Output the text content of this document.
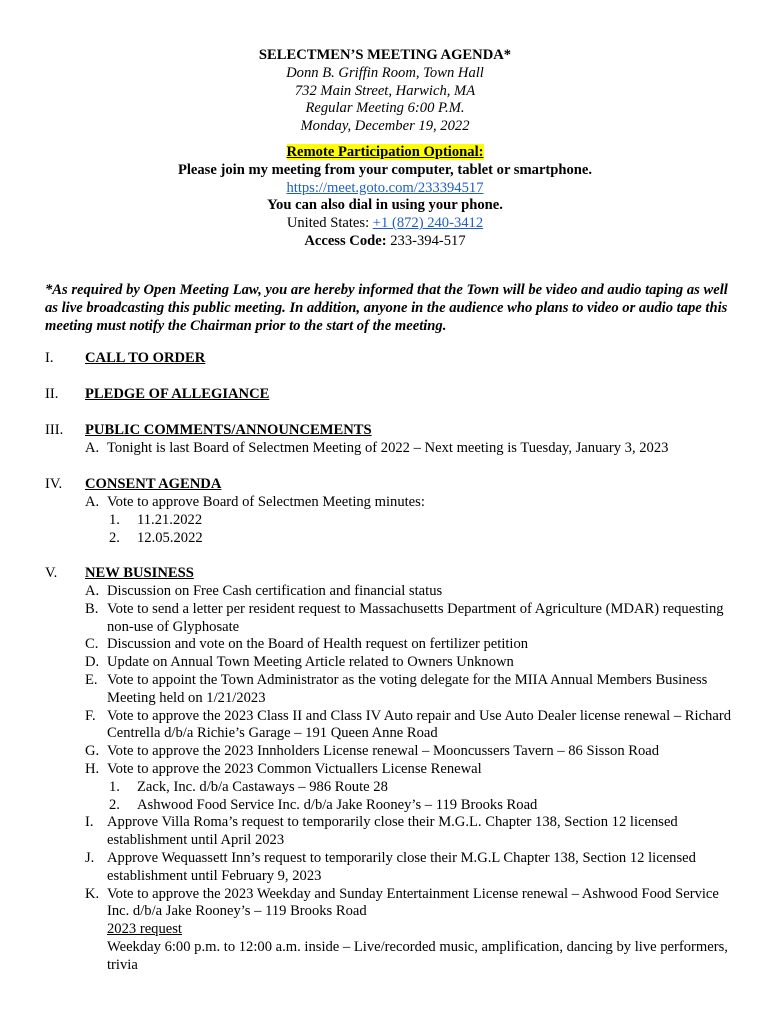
SELECTMEN’S MEETING AGENDA*
Donn B. Griffin Room, Town Hall
732 Main Street, Harwich, MA
Regular Meeting 6:00 P.M.
Monday, December 19, 2022
Remote Participation Optional:
Please join my meeting from your computer, tablet or smartphone.
https://meet.goto.com/233394517
You can also dial in using your phone.
United States: +1 (872) 240-3412
Access Code: 233-394-517
*As required by Open Meeting Law, you are hereby informed that the Town will be video and audio taping as well as live broadcasting this public meeting. In addition, anyone in the audience who plans to video or audio tape this meeting must notify the Chairman prior to the start of the meeting.
I. CALL TO ORDER
II. PLEDGE OF ALLEGIANCE
III. PUBLIC COMMENTS/ANNOUNCEMENTS
A. Tonight is last Board of Selectmen Meeting of 2022 – Next meeting is Tuesday, January 3, 2023
IV. CONSENT AGENDA
A. Vote to approve Board of Selectmen Meeting minutes:
1. 11.21.2022
2. 12.05.2022
V. NEW BUSINESS
A. Discussion on Free Cash certification and financial status
B. Vote to send a letter per resident request to Massachusetts Department of Agriculture (MDAR) requesting non-use of Glyphosate
C. Discussion and vote on the Board of Health request on fertilizer petition
D. Update on Annual Town Meeting Article related to Owners Unknown
E. Vote to appoint the Town Administrator as the voting delegate for the MIIA Annual Members Business Meeting held on 1/21/2023
F. Vote to approve the 2023 Class II and Class IV Auto repair and Use Auto Dealer license renewal – Richard Centrella d/b/a Richie’s Garage – 191 Queen Anne Road
G. Vote to approve the 2023 Innholders License renewal – Mooncussers Tavern – 86 Sisson Road
H. Vote to approve the 2023 Common Victuallers License Renewal
1. Zack, Inc. d/b/a Castaways – 986 Route 28
2. Ashwood Food Service Inc. d/b/a Jake Rooney’s – 119 Brooks Road
I. Approve Villa Roma’s request to temporarily close their M.G.L. Chapter 138, Section 12 licensed establishment until April 2023
J. Approve Wequassett Inn’s request to temporarily close their M.G.L Chapter 138, Section 12 licensed establishment until February 9, 2023
K. Vote to approve the 2023 Weekday and Sunday Entertainment License renewal – Ashwood Food Service Inc. d/b/a Jake Rooney’s – 119 Brooks Road
2023 request
Weekday 6:00 p.m. to 12:00 a.m. inside – Live/recorded music, amplification, dancing by live performers, trivia
